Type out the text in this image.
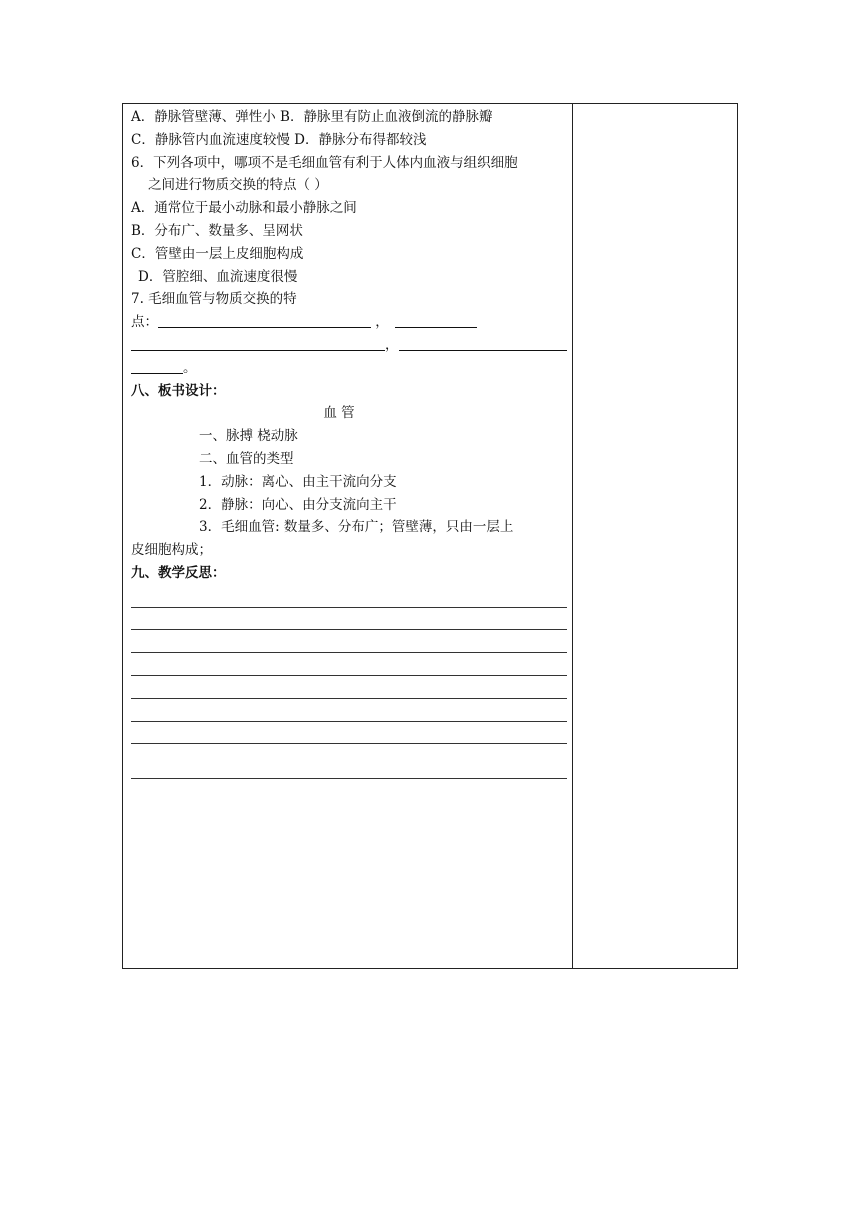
A．静脉管壁薄、弹性小 B．静脉里有防止血液倒流的静脉瓣
C．静脉管内血流速度较慢 D．静脉分布得都较浅
6．下列各项中，哪项不是毛细血管有利于人体内血液与组织细胞
之间进行物质交换的特点（ ）
A．通常位于最小动脉和最小静脉之间
B．分布广、数量多、呈网状
C．管壁由一层上皮细胞构成
D．管腔细、血流速度很慢
7. 毛细血管与物质交换的特
点：	，
，
。
八、板书设计：
血 管
一、脉搏 桡动脉
二、血管的类型
1．动脉：离心、由主干流向分支
2．静脉：向心、由分支流向主干
3．毛细血管: 数量多、分布广；管壁薄，只由一层上
皮细胞构成；
九、教学反思：
